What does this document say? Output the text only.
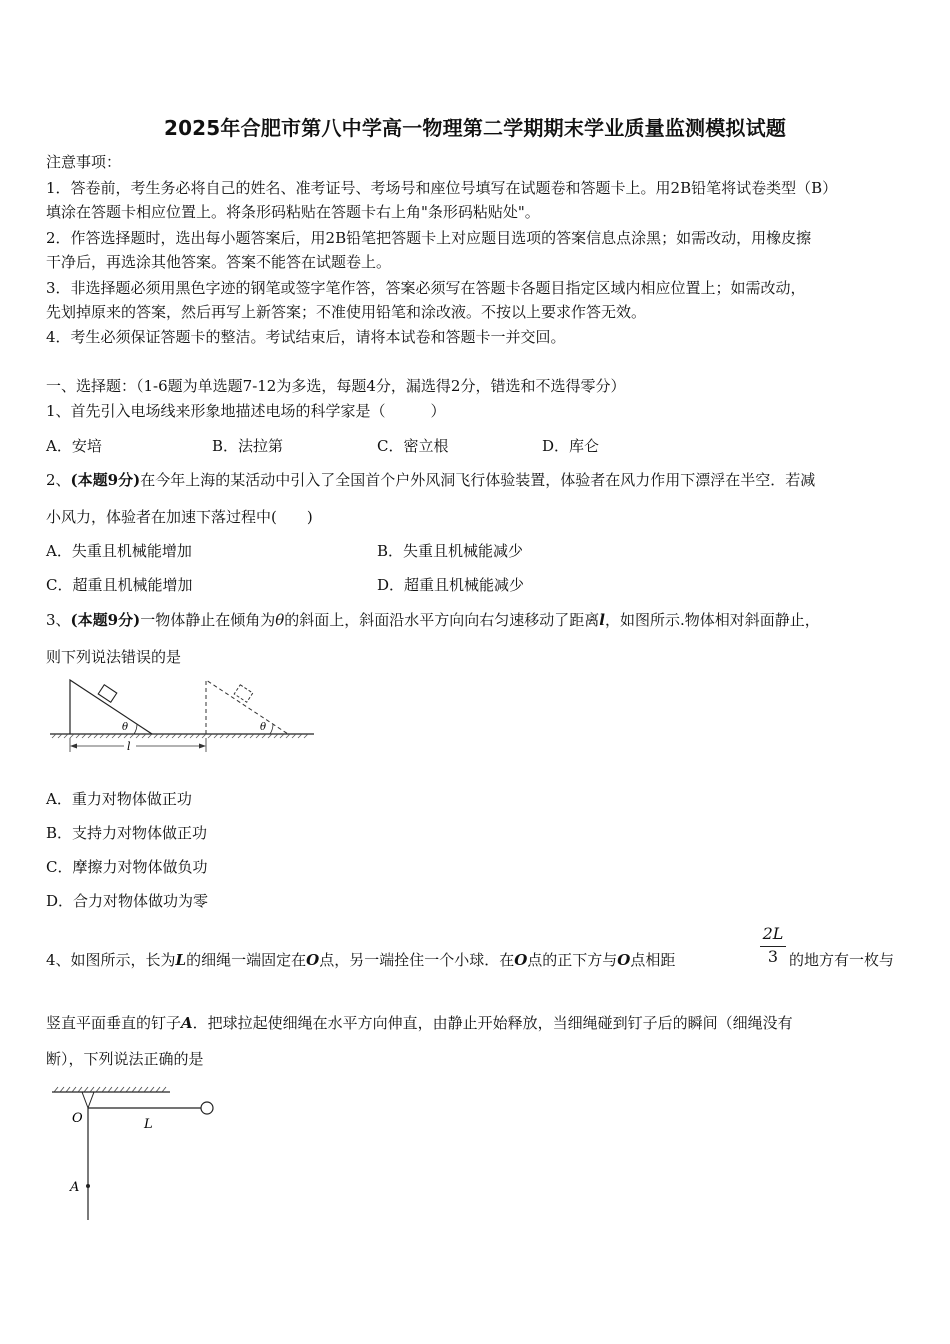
2025年合肥市第八中学高一物理第二学期期末学业质量监测模拟试题
注意事项：
1．答卷前，考生务必将自己的姓名、准考证号、考场号和座位号填写在试题卷和答题卡上。用2B铅笔将试卷类型（B）
填涂在答题卡相应位置上。将条形码粘贴在答题卡右上角"条形码粘贴处"。
2．作答选择题时，选出每小题答案后，用2B铅笔把答题卡上对应题目选项的答案信息点涂黑；如需改动，用橡皮擦
干净后，再选涂其他答案。答案不能答在试题卷上。
3．非选择题必须用黑色字迹的钢笔或签字笔作答，答案必须写在答题卡各题目指定区域内相应位置上；如需改动，
先划掉原来的答案，然后再写上新答案；不准使用铅笔和涂改液。不按以上要求作答无效。
4．考生必须保证答题卡的整洁。考试结束后，请将本试卷和答题卡一并交回。
一、选择题：（1-6题为单选题7-12为多选，每题4分，漏选得2分，错选和不选得零分）
1、首先引入电场线来形象地描述电场的科学家是（　　　）
A．安培	B．法拉第	C．密立根	D．库仑
2、(本题9分)在今年上海的某活动中引入了全国首个户外风洞飞行体验装置，体验者在风力作用下漂浮在半空．若减
小风力，体验者在加速下落过程中(　　)
A．失重且机械能增加	B．失重且机械能减少
C．超重且机械能增加	D．超重且机械能减少
3、(本题9分)一物体静止在倾角为θ的斜面上，斜面沿水平方向向右匀速移动了距离l，如图所示.物体相对斜面静止，
则下列说法错误的是
θ	θ
l
A．重力对物体做正功
B．支持力对物体做正功
C．摩擦力对物体做负功
D．合力对物体做功为零
4、如图所示，长为L的细绳一端固定在O点，另一端拴住一个小球．在O点的正下方与O点相距	$\frac{2L}{3}$ 的地方有一枚与
竖直平面垂直的钉子A．把球拉起使细绳在水平方向伸直，由静止开始释放，当细绳碰到钉子后的瞬间（细绳没有
断），下列说法正确的是
O	L
A
